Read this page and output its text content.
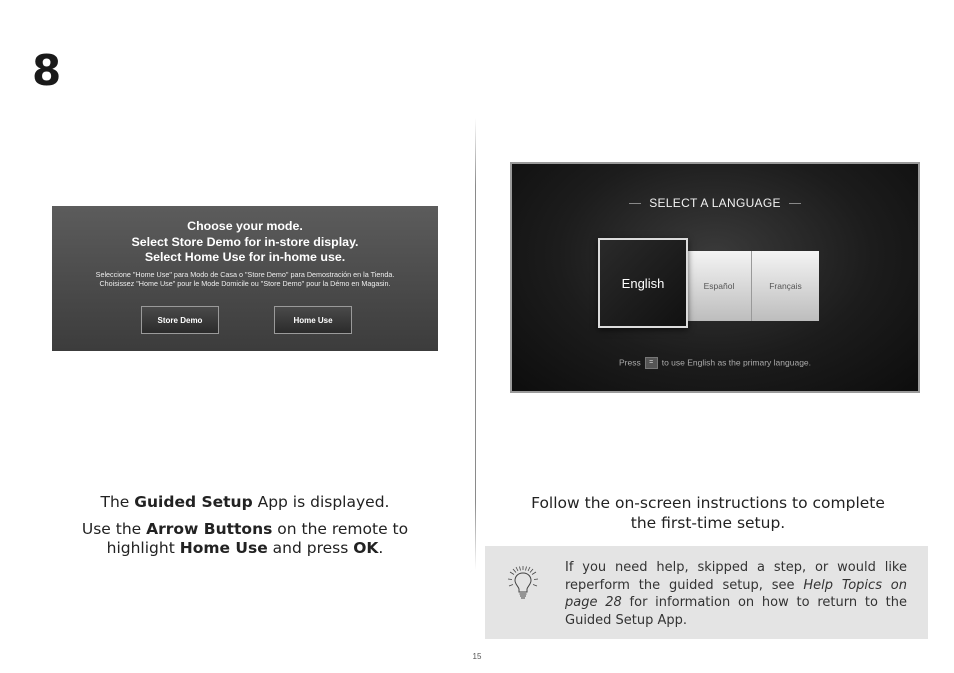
8
Choose your mode.
Select Store Demo for in-store display.
Select Home Use for in-home use.
Seleccione "Home Use" para Modo de Casa o "Store Demo" para Demostración en la Tienda.
Choisissez "Home Use" pour le Mode Domicile ou "Store Demo" pour la Démo en Magasin.
Store Demo	Home Use
SELECT A LANGUAGE
Español	Français
English
Press = to use English as the primary language.

The Guided Setup App is displayed.

Use the Arrow Buttons on the remote to highlight Home Use and press OK.

Follow the on-screen instructions to complete the first-time setup.
If you need help, skipped a step, or would like reperform the guided setup, see Help Topics on page 28 for information on how to return to the Guided Setup App.
15
